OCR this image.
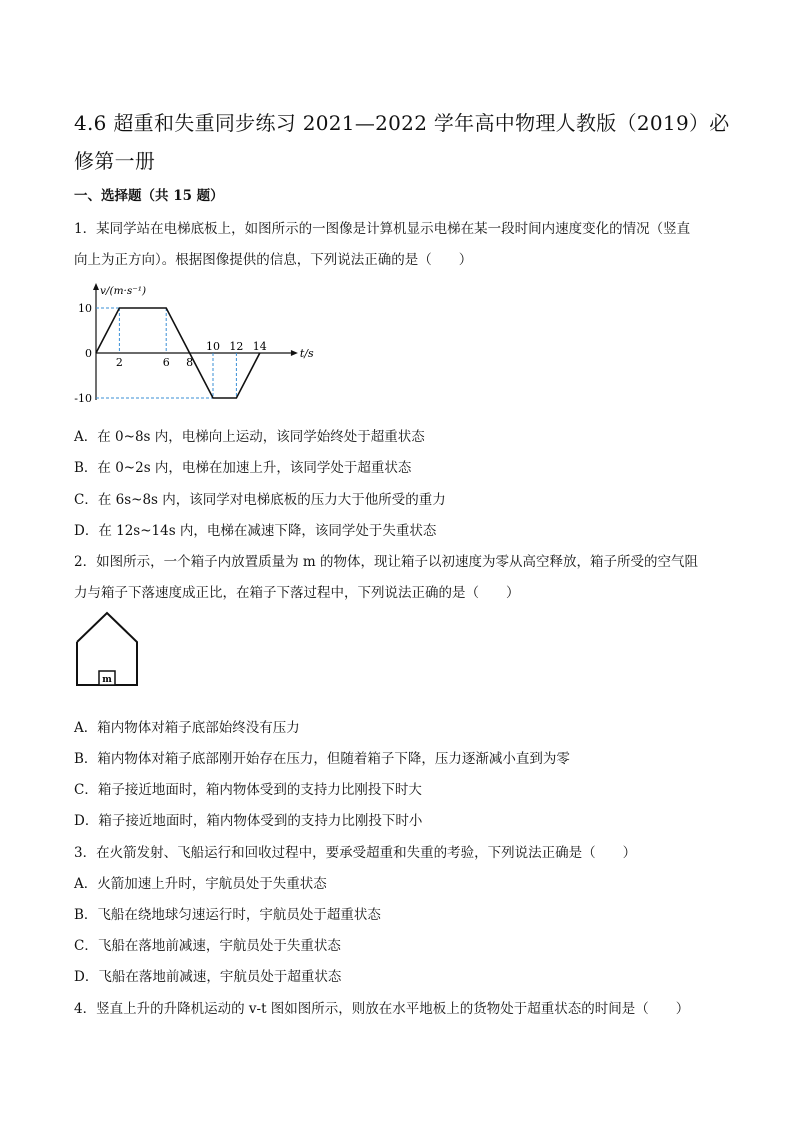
4.6 超重和失重同步练习 2021—2022 学年高中物理人教版（2019）必修第一册
一、选择题（共 15 题）
1．某同学站在电梯底板上，如图所示的一图像是计算机显示电梯在某一段时间内速度变化的情况（竖直
向上为正方向）。根据图像提供的信息，下列说法正确的是（　　）
v/(m·s⁻¹)
t/s
10
0
-10
2	6 8
10 12 14
A．在 0~8s 内，电梯向上运动，该同学始终处于超重状态
B．在 0~2s 内，电梯在加速上升，该同学处于超重状态
C．在 6s~8s 内，该同学对电梯底板的压力大于他所受的重力
D．在 12s~14s 内，电梯在减速下降，该同学处于失重状态
2．如图所示，一个箱子内放置质量为 m 的物体，现让箱子以初速度为零从高空释放，箱子所受的空气阻
力与箱子下落速度成正比，在箱子下落过程中，下列说法正确的是（　　）
m
A．箱内物体对箱子底部始终没有压力
B．箱内物体对箱子底部刚开始存在压力，但随着箱子下降，压力逐渐减小直到为零
C．箱子接近地面时，箱内物体受到的支持力比刚投下时大
D．箱子接近地面时，箱内物体受到的支持力比刚投下时小
3．在火箭发射、飞船运行和回收过程中，要承受超重和失重的考验，下列说法正确是（　　）
A．火箭加速上升时，宇航员处于失重状态
B．飞船在绕地球匀速运行时，宇航员处于超重状态
C．飞船在落地前减速，宇航员处于失重状态
D．飞船在落地前减速，宇航员处于超重状态
4．竖直上升的升降机运动的 v-t 图如图所示，则放在水平地板上的货物处于超重状态的时间是（　　）
